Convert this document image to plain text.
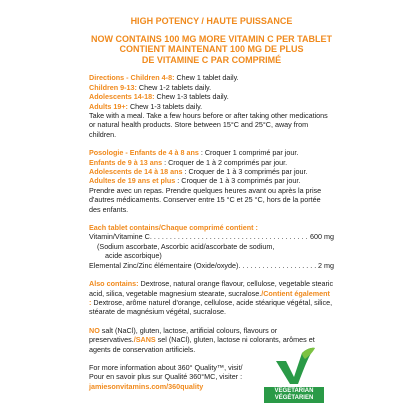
HIGH POTENCY / HAUTE PUISSANCE
NOW CONTAINS 100 MG MORE VITAMIN C PER TABLET
CONTIENT MAINTENANT 100 MG DE PLUS
DE VITAMINE C PAR COMPRIMÉ
Directions - Children 4-8: Chew 1 tablet daily.
Children 9-13: Chew 1-2 tablets daily.
Adolescents 14-18: Chew 1-3 tablets daily.
Adults 19+: Chew 1-3 tablets daily.
Take with a meal. Take a few hours before or after taking other medications or natural health products. Store between 15°C and 25°C, away from children.
Posologie - Enfants de 4 à 8 ans : Croquer 1 comprimé par jour.
Enfants de 9 à 13 ans : Croquer de 1 à 2 comprimés par jour.
Adolescents de 14 à 18 ans : Croquer de 1 à 3 comprimés par jour.
Adultes de 19 ans et plus : Croquer de 1 à 3 comprimés par jour.
Prendre avec un repas. Prendre quelques heures avant ou après la prise d'autres médicaments. Conserver entre 15 °C et 25 °C, hors de la portée des enfants.
Each tablet contains/Chaque comprimé contient :
Vitamin/Vitamine C . . .	600 mg
(Sodium ascorbate, Ascorbic acid/ascorbate de sodium,
acide ascorbique)
Elemental Zinc/Zinc élémentaire (Oxide/oxyde) . . .	2 mg
Also contains: Dextrose, natural orange flavour, cellulose, vegetable stearic acid, silica, vegetable magnesium stearate, sucralose./Contient également : Dextrose, arôme naturel d'orange, cellulose, acide stéarique végétal, silice, stéarate de magnésium végétal, sucralose.
NO salt (NaCl), gluten, lactose, artificial colours, flavours or preservatives./SANS sel (NaCl), gluten, lactose ni colorants, arômes et agents de conservation artificiels.
For more information about 360° Quality™, visit/
Pour en savoir plus sur Qualité 360°MC, visiter :
jamiesonvitamins.com/360quality
VEGETARIAN
VÉGÉTARIEN
